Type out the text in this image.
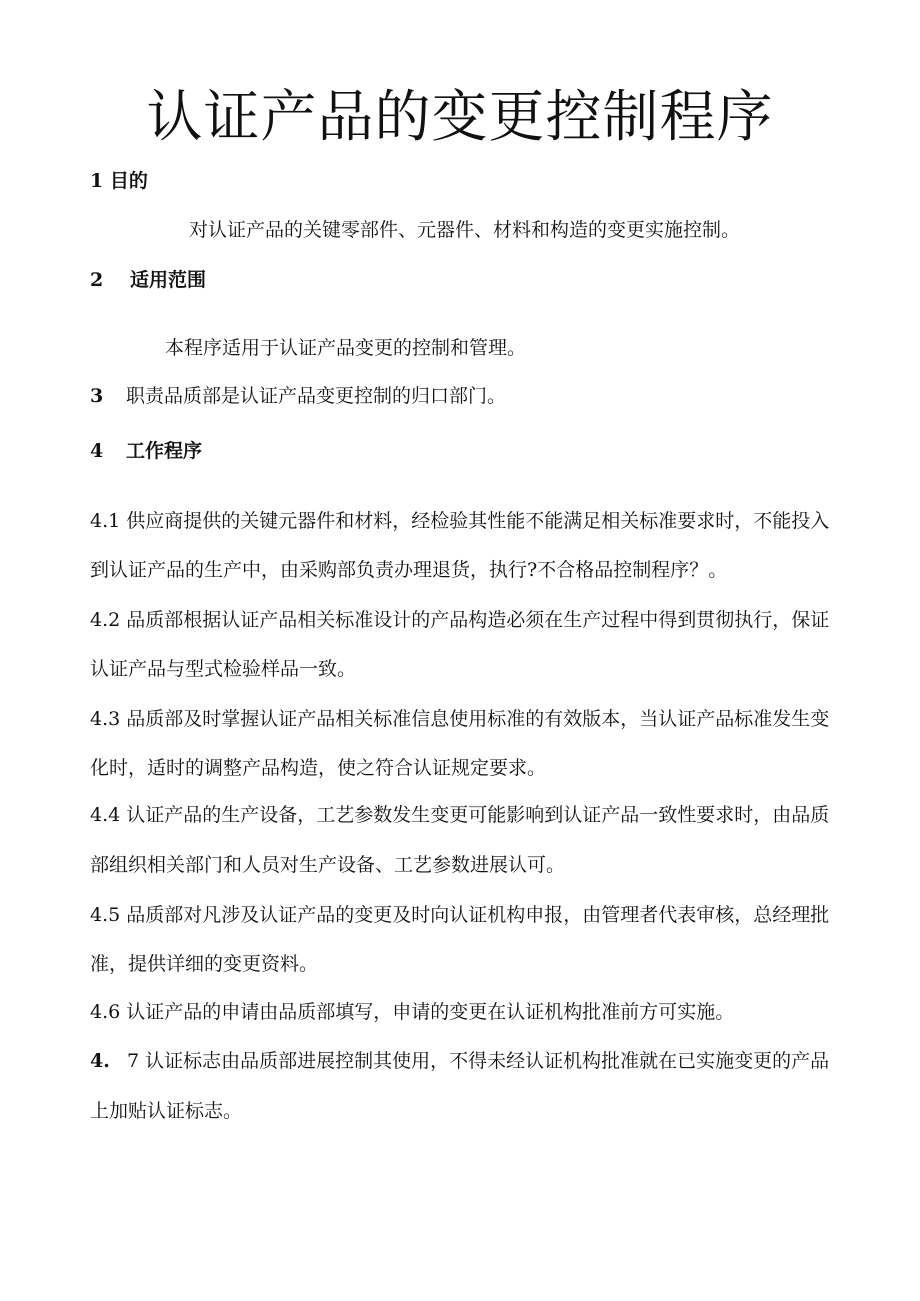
认证产品的变更控制程序

1 目的

对认证产品的关键零部件、元器件、材料和构造的变更实施控制。

2 适用范围

本程序适用于认证产品变更的控制和管理。

3 职责品质部是认证产品变更控制的归口部门。

4 工作程序

4.1 供应商提供的关键元器件和材料，经检验其性能不能满足相关标准要求时，不能投入

到认证产品的生产中，由采购部负责办理退货，执行?不合格品控制程序？。

4.2 品质部根据认证产品相关标准设计的产品构造必须在生产过程中得到贯彻执行，保证

认证产品与型式检验样品一致。

4.3 品质部及时掌握认证产品相关标准信息使用标准的有效版本，当认证产品标准发生变

化时，适时的调整产品构造，使之符合认证规定要求。

4.4 认证产品的生产设备，工艺参数发生变更可能影响到认证产品一致性要求时，由品质

部组织相关部门和人员对生产设备、工艺参数进展认可。

4.5 品质部对凡涉及认证产品的变更及时向认证机构申报，由管理者代表审核，总经理批

准，提供详细的变更资料。

4.6 认证产品的申请由品质部填写，申请的变更在认证机构批准前方可实施。

4. 7 认证标志由品质部进展控制其使用，不得未经认证机构批准就在已实施变更的产品

上加贴认证标志。
